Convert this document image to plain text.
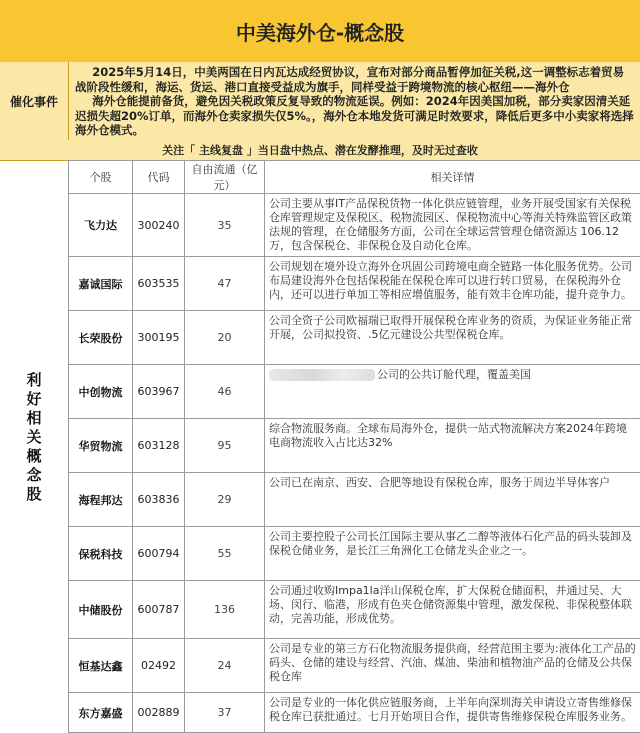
中美海外仓-概念股
催化事件

2025年5月14日，中美两国在日内瓦达成经贸协议，宣布对部分商品暂停加征关税,这一调整标志着贸易战阶段性缓和，海运、货运、港口直接受益成为旗手，同样受益于跨境物流的核心枢纽——海外仓

海外仓能提前备货，避免因关税政策反复导致的物流延误。例如：2024年因美国加税，部分卖家因清关延迟损失超20%订单，而海外仓卖家损失仅5%。，海外仓本地发货可满足时效要求，降低后更多中小卖家将选择海外仓模式。

关注「 主线复盘 」当日盘中热点、潜在发酵推理，及时无过查收
利好相关概念股
个股	代码	自由流通（亿元）	相关详情
飞力达	300240	35	公司主要从事IT产品保税货物一体化供应链管理，业务开展受国家有关保税仓库管理规定及保税区、税物流园区、保税物流中心等海关特殊监管区政策法规的管理，在仓储服务方面，公司在全球运营管理仓储资源达 106.12万，包含保税仓、非保税仓及自动化仓库。
嘉诚国际	603535	47	公司规划在境外设立海外仓巩固公司跨境电商全链路一体化服务优势。公司布局建设海外仓包括保税能在保税仓库可以进行转口贸易，在保税海外仓内，还可以进行单加工等相应增值服务，能有效丰仓库功能，提升竞争力。
长荣股份	300195	20	公司全资子公司欧福瑞已取得开展保税仓库业务的资质，为保证业务能正常开展，公司拟投资、.5亿元建设公共型保税仓库。
中创物流	603967	46	公司的公共订舱代理，覆盖美国
华贸物流	603128	95	综合物流服务商。全球布局海外仓，提供一站式物流解决方案2024年跨境电商物流收入占比达32%
海程邦达	603836	29	公司已在南京、西安、合肥等地设有保税仓库，服务于周边半导体客户
保税科技	600794	55	公司主要控股子公司长江国际主要从事乙二醇等液体石化产品的码头装卸及保税仓储业务，是长江三角洲化工仓储龙头企业之一。
中储股份	600787	136	公司通过收购Impa1la洋山保税仓库，扩大保税仓储面积，并通过吴、大场、闵行、临港，形成有色夹仓储资源集中管理，激发保税、非保税整体联动，完善功能，形成优势。
恒基达鑫	02492	24	公司是专业的第三方石化物流服务提供商，经营范围主要为:液体化工产品的码头、仓储的建设与经营、汽油、煤油、柴油和植物油产品的仓储及公共保税仓库
东方嘉盛	002889	37	公司是专业的一体化供应链服务商，上半年向深圳海关申请设立寄售维修保税仓库已获批通过。七月开始项目合作，提供寄售维修保税仓库服务业务。
